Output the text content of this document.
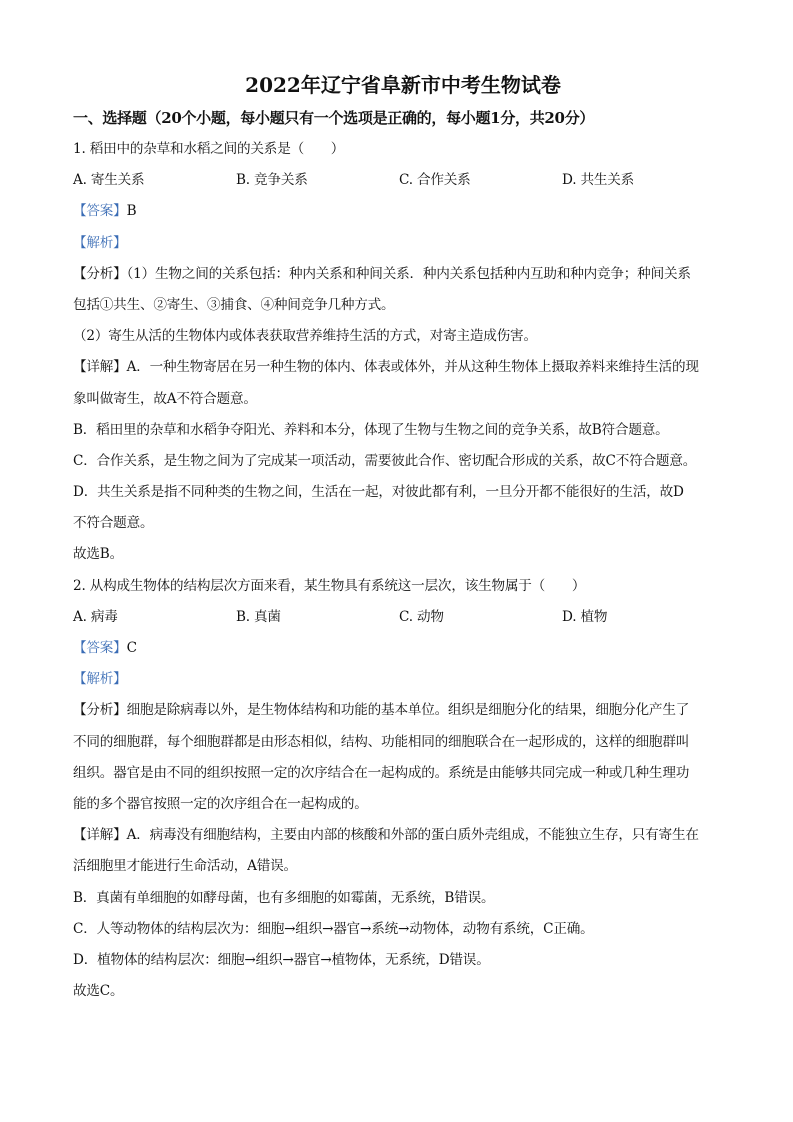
2022年辽宁省阜新市中考生物试卷
一、选择题（20个小题，每小题只有一个选项是正确的，每小题1分，共20分）
1. 稻田中的杂草和水稻之间的关系是（　　）
A. 寄生关系	B. 竞争关系	C. 合作关系	D. 共生关系
【答案】B
【解析】
【分析】（1）生物之间的关系包括：种内关系和种间关系．种内关系包括种内互助和种内竞争；种间关系
包括①共生、②寄生、③捕食、④种间竞争几种方式。
（2）寄生从活的生物体内或体表获取营养维持生活的方式，对寄主造成伤害。
【详解】A．一种生物寄居在另一种生物的体内、体表或体外，并从这种生物体上摄取养料来维持生活的现
象叫做寄生，故A不符合题意。
B．稻田里的杂草和水稻争夺阳光、养料和本分，体现了生物与生物之间的竞争关系，故B符合题意。
C．合作关系，是生物之间为了完成某一项活动，需要彼此合作、密切配合形成的关系，故C不符合题意。
D．共生关系是指不同种类的生物之间，生活在一起，对彼此都有利，一旦分开都不能很好的生活，故D
不符合题意。
故选B。
2. 从构成生物体的结构层次方面来看，某生物具有系统这一层次，该生物属于（　　）
A. 病毒	B. 真菌	C. 动物	D. 植物
【答案】C
【解析】
【分析】细胞是除病毒以外，是生物体结构和功能的基本单位。组织是细胞分化的结果，细胞分化产生了
不同的细胞群，每个细胞群都是由形态相似，结构、功能相同的细胞联合在一起形成的，这样的细胞群叫
组织。器官是由不同的组织按照一定的次序结合在一起构成的。系统是由能够共同完成一种或几种生理功
能的多个器官按照一定的次序组合在一起构成的。
【详解】A．病毒没有细胞结构，主要由内部的核酸和外部的蛋白质外壳组成，不能独立生存，只有寄生在
活细胞里才能进行生命活动，A错误。
B．真菌有单细胞的如酵母菌，也有多细胞的如霉菌，无系统，B错误。
C．人等动物体的结构层次为：细胞→组织→器官→系统→动物体，动物有系统，C正确。
D．植物体的结构层次：细胞→组织→器官→植物体，无系统，D错误。
故选C。
